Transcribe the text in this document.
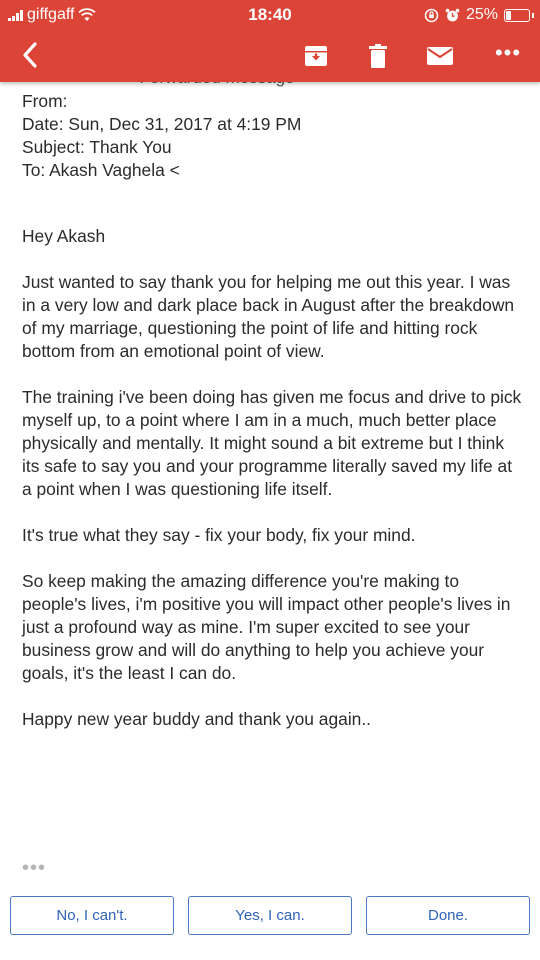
From:
Date: Sun, Dec 31, 2017 at 4:19 PM
Subject: Thank You
To: Akash Vaghela <

Hey Akash

Just wanted to say thank you for helping me out this year. I was in a very low and dark place back in August after the breakdown of my marriage, questioning the point of life and hitting rock bottom from an emotional point of view.

The training i've been doing has given me focus and drive to pick myself up, to a point where I am in a much, much better place physically and mentally. It might sound a bit extreme but I think its safe to say you and your programme literally saved my life at a point when I was questioning life itself.

It's true what they say - fix your body, fix your mind.

So keep making the amazing difference you're making to people's lives, i'm positive you will impact other people's lives in just a profound way as mine. I'm super excited to see your business grow and will do anything to help you achieve your goals, it's the least I can do.

Happy new year buddy and thank you again..

•••
No, I can't.	Yes, I can.	Done.
giffgaff	18:40	25%
•••
